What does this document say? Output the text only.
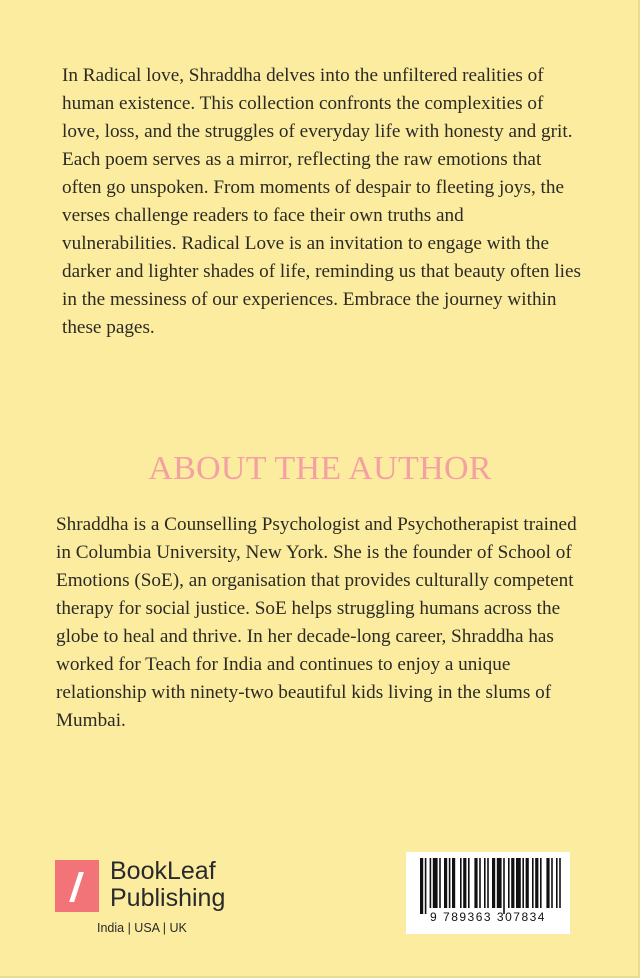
In Radical love, Shraddha delves into the unfiltered realities of human existence. This collection confronts the complexities of love, loss, and the struggles of everyday life with honesty and grit. Each poem serves as a mirror, reflecting the raw emotions that often go unspoken. From moments of despair to fleeting joys, the verses challenge readers to face their own truths and vulnerabilities. Radical Love is an invitation to engage with the darker and lighter shades of life, reminding us that beauty often lies in the messiness of our experiences. Embrace the journey within these pages.

ABOUT THE AUTHOR

Shraddha is a Counselling Psychologist and Psychotherapist trained in Columbia University, New York. She is the founder of School of Emotions (SoE), an organisation that provides culturally competent therapy for social justice. SoE helps struggling humans across the globe to heal and thrive. In her decade-long career, Shraddha has worked for Teach for India and continues to enjoy a unique relationship with ninety-two beautiful kids living in the slums of Mumbai.

BookLeaf
Publishing
India | USA | UK
9 789363 307834
